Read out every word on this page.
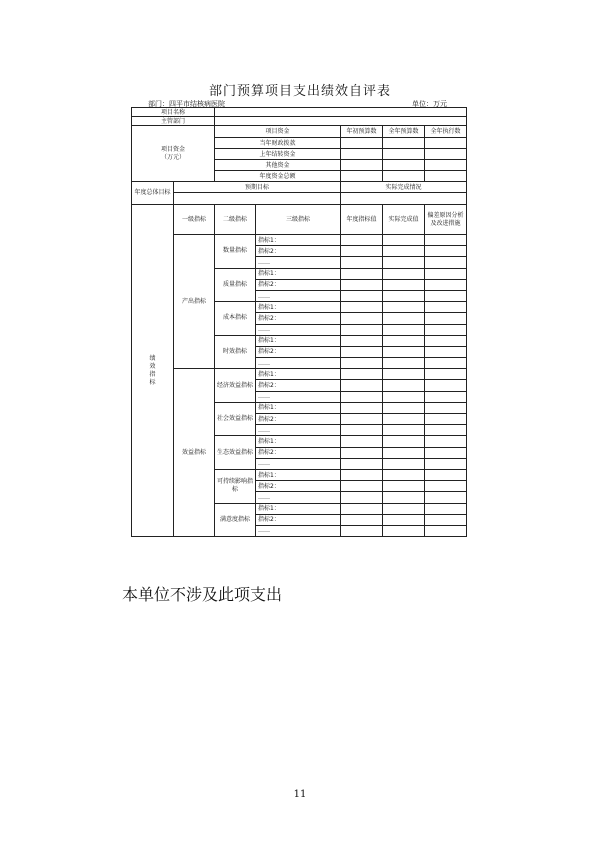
部门预算项目支出绩效自评表
部门：四平市结核病医院	单位：万元
项目名称						
主管部门						
项目资金
（万元）		项目资金		年初预算数	全年预算数	全年执行数
		当年财政拨款				
		上年结转资金				
		其他资金				
		年度资金总额				
年度总体目标	预期目标			实际完成情况		

绩
效
指
标	一级指标	二级指标	三级指标	年度指标值	实际完成值	偏差原因分析及改进措施
	产出指标	数量指标	指标1：			
			指标2：			
			……			
		质量指标	指标1：			
			指标2：			
			……			
		成本指标	指标1：			
			指标2：			
			……			
		时效指标	指标1：			
			指标2：			
			……			
	效益指标	经济效益指标	指标1：			
			指标2：			
			……			
		社会效益指标	指标1：			
			指标2：			
			……			
		生态效益指标	指标1：			
			指标2：			
			……			
		可持续影响指标	指标1：			
			指标2：			
			……			
		满意度指标	指标1：			
			指标2：			
			……			
本单位不涉及此项支出
11
